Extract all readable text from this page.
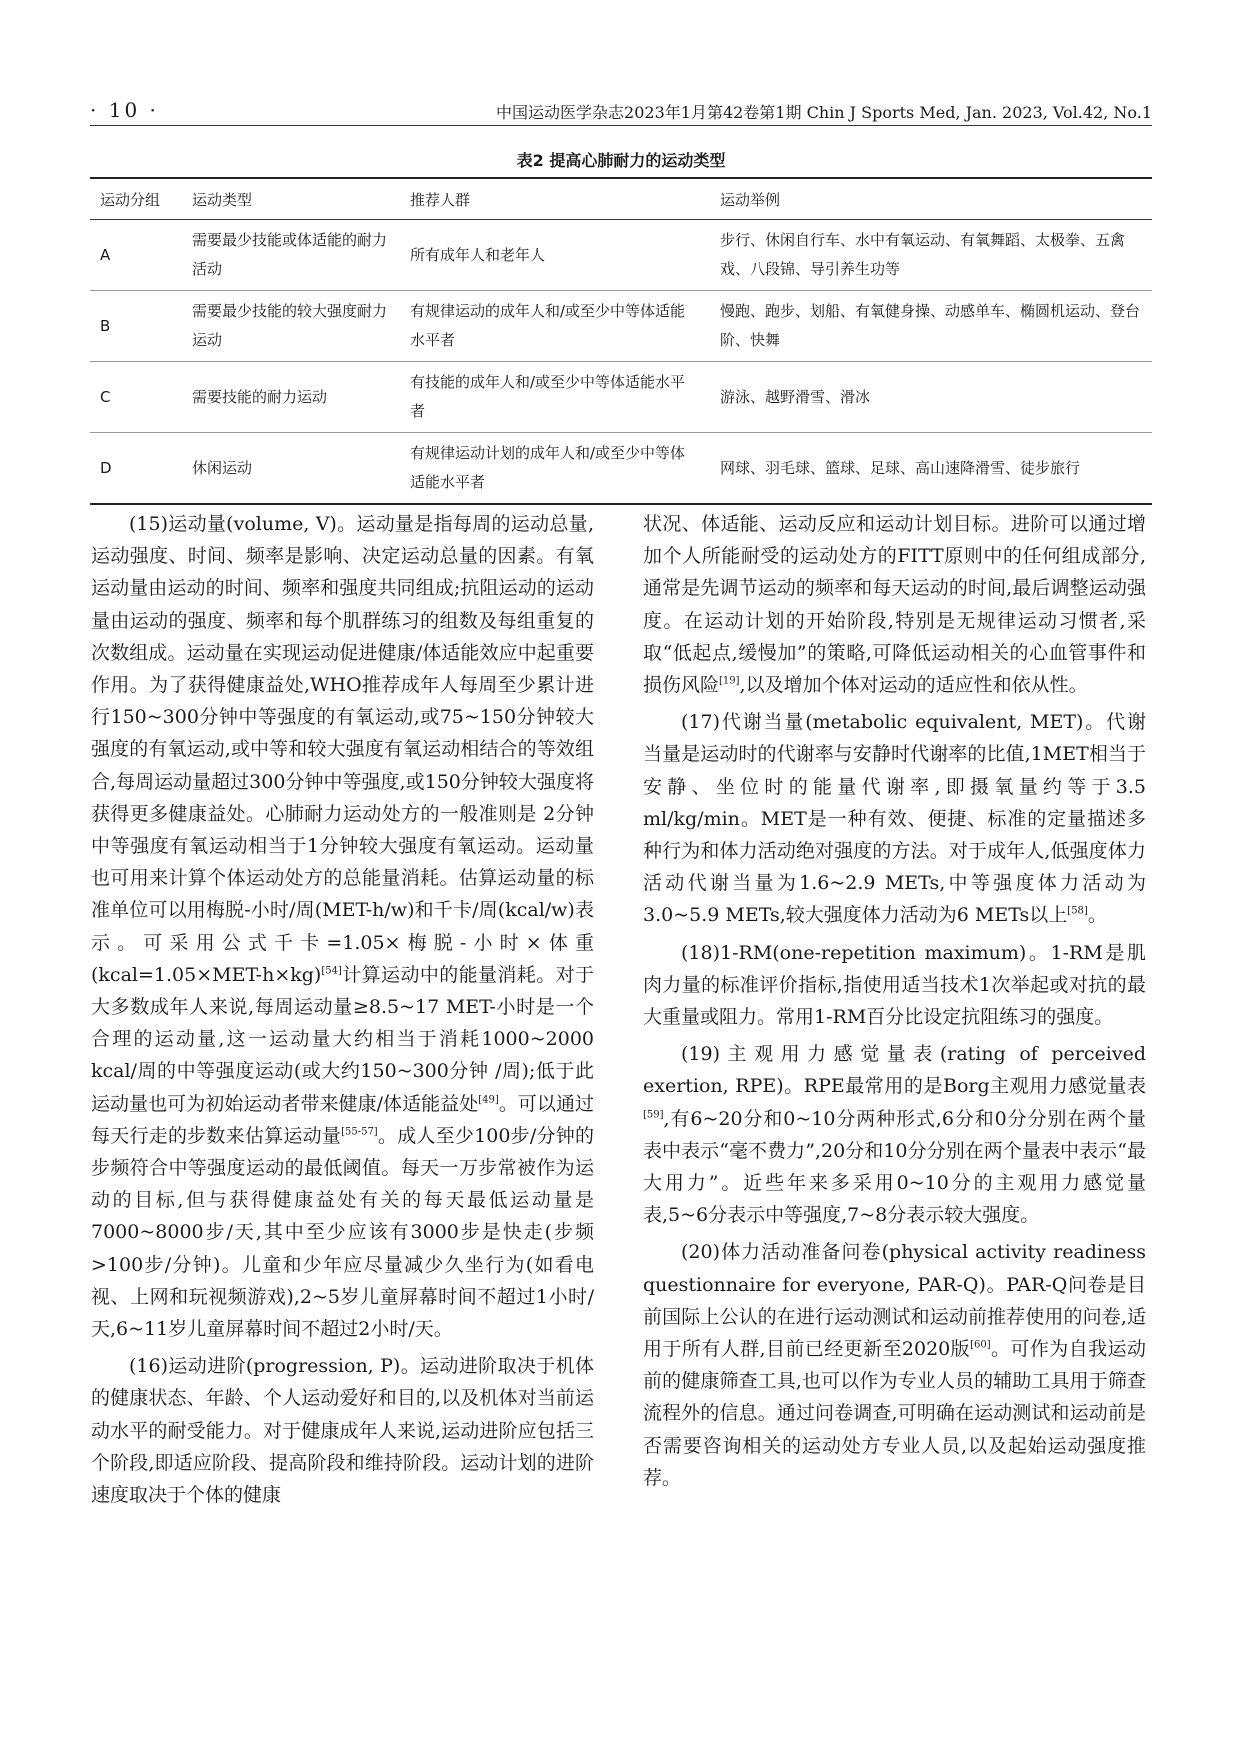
· 10 ·	中国运动医学杂志2023年1月第42卷第1期 Chin J Sports Med, Jan. 2023, Vol.42, No.1
表2 提高心肺耐力的运动类型
运动分组	运动类型	推荐人群	运动举例
A	需要最少技能或体适能的耐力活动	所有成年人和老年人	步行、休闲自行车、水中有氧运动、有氧舞蹈、太极拳、五禽戏、八段锦、导引养生功等
B	需要最少技能的较大强度耐力运动	有规律运动的成年人和/或至少中等体适能水平者	慢跑、跑步、划船、有氧健身操、动感单车、椭圆机运动、登台阶、快舞
C	需要技能的耐力运动	有技能的成年人和/或至少中等体适能水平者	游泳、越野滑雪、滑冰
D	休闲运动	有规律运动计划的成年人和/或至少中等体适能水平者	网球、羽毛球、篮球、足球、高山速降滑雪、徒步旅行

(15)运动量(volume, V)。运动量是指每周的运动总量,运动强度、时间、频率是影响、决定运动总量的因素。有氧运动量由运动的时间、频率和强度共同组成;抗阻运动的运动量由运动的强度、频率和每个肌群练习的组数及每组重复的次数组成。运动量在实现运动促进健康/体适能效应中起重要作用。为了获得健康益处,WHO推荐成年人每周至少累计进行150~300分钟中等强度的有氧运动,或75~150分钟较大强度的有氧运动,或中等和较大强度有氧运动相结合的等效组合,每周运动量超过300分钟中等强度,或150分钟较大强度将获得更多健康益处。心肺耐力运动处方的一般准则是 2分钟中等强度有氧运动相当于1分钟较大强度有氧运动。运动量也可用来计算个体运动处方的总能量消耗。估算运动量的标准单位可以用梅脱-小时/周(MET-h/w)和千卡/周(kcal/w)表示。可采用公式千卡=1.05×梅脱-小时×体重(kcal=1.05×MET-h×kg)[54]计算运动中的能量消耗。对于大多数成年人来说,每周运动量≥8.5~17 MET-小时是一个合理的运动量,这一运动量大约相当于消耗1000~2000 kcal/周的中等强度运动(或大约150~300分钟 /周);低于此运动量也可为初始运动者带来健康/体适能益处[49]。可以通过每天行走的步数来估算运动量[55-57]。成人至少100步/分钟的步频符合中等强度运动的最低阈值。每天一万步常被作为运动的目标,但与获得健康益处有关的每天最低运动量是7000~8000步/天,其中至少应该有3000步是快走(步频>100步/分钟)。儿童和少年应尽量减少久坐行为(如看电视、上网和玩视频游戏),2~5岁儿童屏幕时间不超过1小时/天,6~11岁儿童屏幕时间不超过2小时/天。

(16)运动进阶(progression, P)。运动进阶取决于机体的健康状态、年龄、个人运动爱好和目的,以及机体对当前运动水平的耐受能力。对于健康成年人来说,运动进阶应包括三个阶段,即适应阶段、提高阶段和维持阶段。运动计划的进阶速度取决于个体的健康

状况、体适能、运动反应和运动计划目标。进阶可以通过增加个人所能耐受的运动处方的FITT原则中的任何组成部分,通常是先调节运动的频率和每天运动的时间,最后调整运动强度。在运动计划的开始阶段,特别是无规律运动习惯者,采取“低起点,缓慢加”的策略,可降低运动相关的心血管事件和损伤风险[19],以及增加个体对运动的适应性和依从性。

(17)代谢当量(metabolic equivalent, MET)。代谢当量是运动时的代谢率与安静时代谢率的比值,1MET相当于安静、坐位时的能量代谢率,即摄氧量约等于3.5 ml/kg/min。MET是一种有效、便捷、标准的定量描述多种行为和体力活动绝对强度的方法。对于成年人,低强度体力活动代谢当量为1.6~2.9 METs,中等强度体力活动为3.0~5.9 METs,较大强度体力活动为6 METs以上[58]。

(18)1-RM(one-repetition maximum)。1-RM是肌肉力量的标准评价指标,指使用适当技术1次举起或对抗的最大重量或阻力。常用1-RM百分比设定抗阻练习的强度。

(19)主观用力感觉量表(rating of perceived exertion, RPE)。RPE最常用的是Borg主观用力感觉量表[59],有6~20分和0~10分两种形式,6分和0分分别在两个量表中表示“毫不费力”,20分和10分分别在两个量表中表示“最大用力”。近些年来多采用0~10分的主观用力感觉量表,5~6分表示中等强度,7~8分表示较大强度。

(20)体力活动准备问卷(physical activity readiness questionnaire for everyone, PAR-Q)。PAR-Q问卷是目前国际上公认的在进行运动测试和运动前推荐使用的问卷,适用于所有人群,目前已经更新至2020版[60]。可作为自我运动前的健康筛查工具,也可以作为专业人员的辅助工具用于筛查流程外的信息。通过问卷调查,可明确在运动测试和运动前是否需要咨询相关的运动处方专业人员,以及起始运动强度推荐。
